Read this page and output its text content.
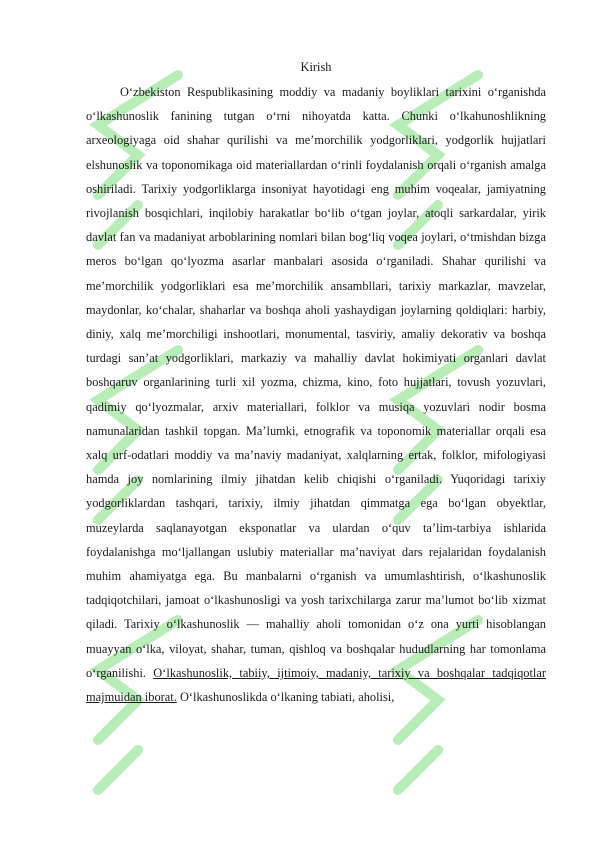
Kirish

O‘zbekiston Respublikasining moddiy va madaniy boyliklari tarixini o‘rganishda o‘lkashunoslik fanining tutgan o‘rni nihoyatda katta. Chunki o‘lkahunoshlikning arxeologiyaga oid shahar qurilishi va me’morchilik yodgorliklari, yodgorlik hujjatlari elshunoslik va toponomikaga oid materiallardan o‘rinli foydalanish orqali o‘rganish amalga oshiriladi. Tarixiy yodgorliklarga insoniyat hayotidagi eng muhim voqealar, jamiyatning rivojlanish bosqichlari, inqilobiy harakatlar bo‘lib o‘tgan joylar, atoqli sarkardalar, yirik davlat fan va madaniyat arboblarining nomlari bilan bog‘liq voqea joylari, o‘tmishdan bizga meros bo‘lgan qo‘lyozma asarlar manbalari asosida o‘rganiladi. Shahar qurilishi va me’morchilik yodgorliklari esa me’morchilik ansambllari, tarixiy markazlar, mavzelar, maydonlar, ko‘chalar, shaharlar va boshqa aholi yashaydigan joylarning qoldiqlari: harbiy, diniy, xalq me’morchiligi inshootlari, monumental, tasviriy, amaliy dekorativ va boshqa turdagi san’at yodgorliklari, markaziy va mahalliy davlat hokimiyati organlari davlat boshqaruv organlarining turli xil yozma, chizma, kino, foto hujjatlari, tovush yozuvlari, qadimiy qo‘lyozmalar, arxiv materiallari, folklor va musiqa yozuvlari nodir bosma namunalaridan tashkil topgan. Ma’lumki, etnografik va toponomik materiallar orqali esa xalq urf-odatlari moddiy va ma’naviy madaniyat, xalqlarning ertak, folklor, mifologiyasi hamda joy nomlarining ilmiy jihatdan kelib chiqishi o‘rganiladi. Yuqoridagi tarixiy yodgorliklardan tashqari, tarixiy, ilmiy jihatdan qimmatga ega bo‘lgan obyektlar, muzeylarda saqlanayotgan eksponatlar va ulardan o‘quv ta’lim-tarbiya ishlarida foydalanishga mo‘ljallangan uslubiy materiallar ma’naviyat dars rejalaridan foydalanish muhim ahamiyatga ega. Bu manbalarni o‘rganish va umumlashtirish, o‘lkashunoslik tadqiqotchilari, jamoat o‘lkashunosligi va yosh tarixchilarga zarur ma’lumot bo‘lib xizmat qiladi. Tarixiy o‘lkashunoslik — mahalliy aholi tomonidan o‘z ona yurti hisoblangan muayyan o‘lka, viloyat, shahar, tuman, qishloq va boshqalar hududlarning har tomonlama o‘rganilishi. O‘lkashunoslik, tabiiy, ijtimoiy, madaniy, tarixiy va boshqalar tadqiqotlar majmuidan iborat. O‘lkashunoslikda o‘lkaning tabiati, aholisi,
